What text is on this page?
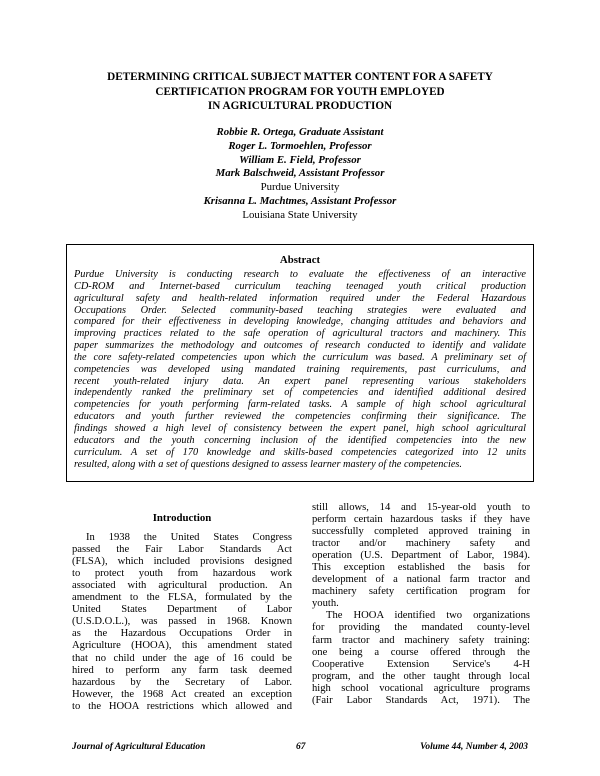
DETERMINING CRITICAL SUBJECT MATTER CONTENT FOR A SAFETY
CERTIFICATION PROGRAM FOR YOUTH EMPLOYED
IN AGRICULTURAL PRODUCTION
Robbie R. Ortega, Graduate Assistant
Roger L. Tormoehlen, Professor
William E. Field, Professor
Mark Balschweid, Assistant Professor
Purdue University
Krisanna L. Machtmes, Assistant Professor
Louisiana State University
Abstract
Purdue University is conducting research to evaluate the effectiveness of an interactive
CD-ROM and Internet-based curriculum teaching teenaged youth critical production
agricultural safety and health-related information required under the Federal Hazardous
Occupations Order. Selected community-based teaching strategies were evaluated and
compared for their effectiveness in developing knowledge, changing attitudes and behaviors and
improving practices related to the safe operation of agricultural tractors and machinery. This
paper summarizes the methodology and outcomes of research conducted to identify and validate
the core safety-related competencies upon which the curriculum was based. A preliminary set of
competencies was developed using mandated training requirements, past curriculums, and
recent youth-related injury data. An expert panel representing various stakeholders
independently ranked the preliminary set of competencies and identified additional desired
competencies for youth performing farm-related tasks. A sample of high school agricultural
educators and youth further reviewed the competencies confirming their significance. The
findings showed a high level of consistency between the expert panel, high school agricultural
educators and the youth concerning inclusion of the identified competencies into the new
curriculum. A set of 170 knowledge and skills-based competencies categorized into 12 units
resulted, along with a set of questions designed to assess learner mastery of the competencies.
Introduction
In 1938 the United States Congress
passed the Fair Labor Standards Act
(FLSA), which included provisions designed
to protect youth from hazardous work
associated with agricultural production. An
amendment to the FLSA, formulated by the
United States Department of Labor
(U.S.D.O.L.), was passed in 1968. Known
as the Hazardous Occupations Order in
Agriculture (HOOA), this amendment stated
that no child under the age of 16 could be
hired to perform any farm task deemed
hazardous by the Secretary of Labor.
However, the 1968 Act created an exception
to the HOOA restrictions which allowed and
still allows, 14 and 15-year-old youth to
perform certain hazardous tasks if they have
successfully completed approved training in
tractor and/or machinery safety and
operation (U.S. Department of Labor, 1984).
This exception established the basis for
development of a national farm tractor and
machinery safety certification program for
youth.
The HOOA identified two organizations
for providing the mandated county-level
farm tractor and machinery safety training:
one being a course offered through the
Cooperative Extension Service's 4-H
program, and the other taught through local
high school vocational agriculture programs
(Fair Labor Standards Act, 1971). The
Journal of Agricultural Education	67	Volume 44, Number 4, 2003
